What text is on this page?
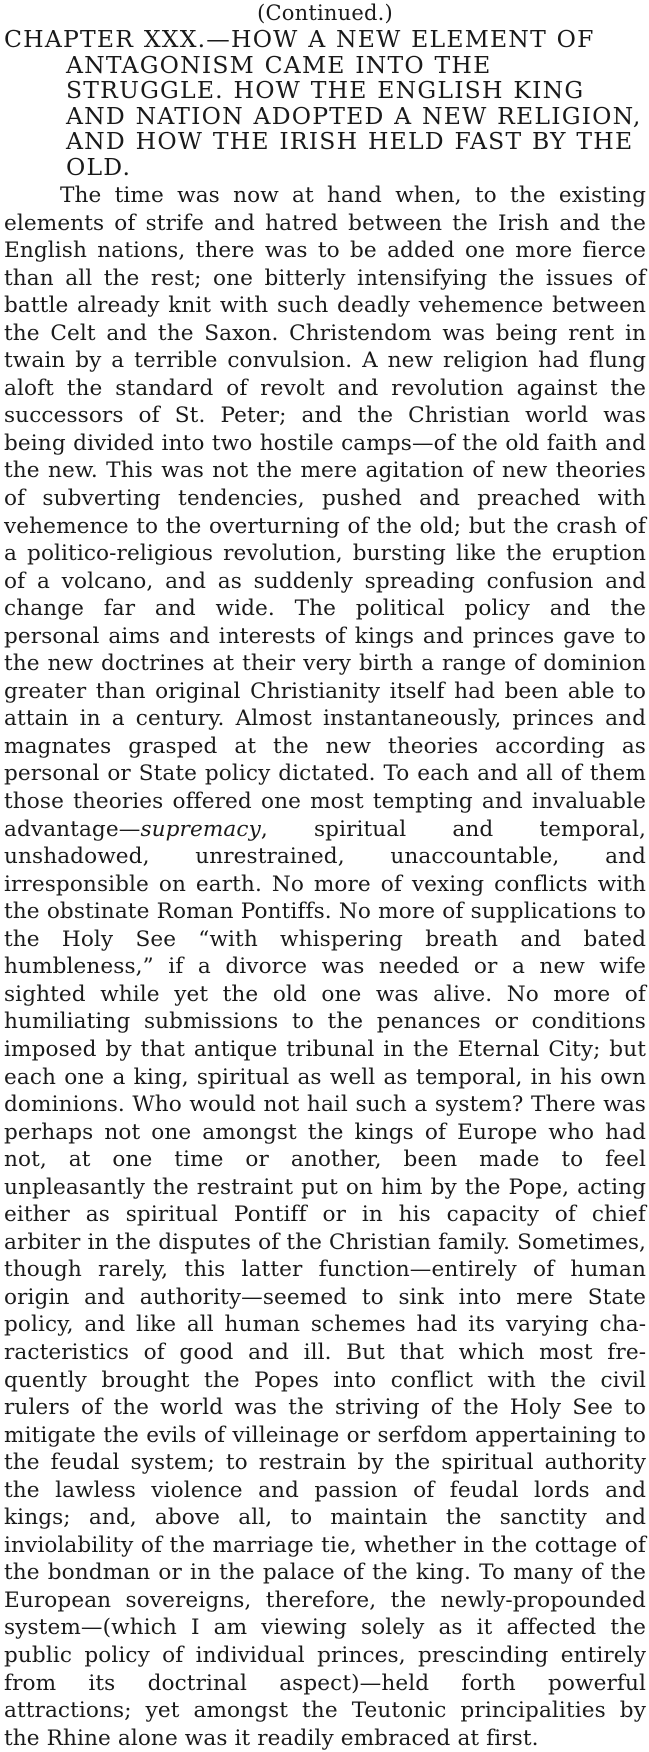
(Continued.)

CHAPTER XXX.—HOW A NEW ELEMENT OF ANTAGONISM CAME INTO THE STRUGGLE. HOW THE ENGLISH KING AND NATION ADOPTED A NEW RELIGION, AND HOW THE IRISH HELD FAST BY THE OLD.

The time was now at hand when, to the existing elements of strife and hatred between the Irish and the English nations, there was to be added one more fierce than all the rest; one bitterly intensifying the issues of battle already knit with such deadly vehemence between the Celt and the Saxon. Christendom was being rent in twain by a terrible convulsion. A new religion had flung aloft the standard of revolt and revolution against the successors of St. Peter; and the Christian world was being divided into two hostile camps—of the old faith and the new. This was not the mere agitation of new theories of subverting tendencies, pushed and preached with vehemence to the overturning of the old; but the crash of a politico-religious revolution, bursting like the eruption of a volcano, and as suddenly spreading confusion and change far and wide. The political policy and the personal aims and interests of kings and princes gave to the new doctrines at their very birth a range of dominion greater than original Christianity itself had been able to attain in a century. Almost instantaneously, princes and magnates grasped at the new theories according as personal or State policy dictated. To each and all of them those theories offered one most tempting and invaluable advantage—supremacy, spiritual and temporal, unshadowed, unrestrained, unaccountable, and irresponsible on earth. No more of vexing conflicts with the obstinate Roman Pontiffs. No more of supplications to the Holy See “with whispering breath and bated humbleness,” if a divorce was needed or a new wife sighted while yet the old one was alive. No more of humiliating submissions to the penances or conditions imposed by that antique tribunal in the Eternal City; but each one a king, spiritual as well as temporal, in his own dominions. Who would not hail such a system? There was perhaps not one amongst the kings of Europe who had not, at one time or another, been made to feel unpleasantly the restraint put on him by the Pope, acting either as spiritual Pontiff or in his capacity of chief arbiter in the disputes of the Christian family. Sometimes, though rarely, this latter function—entirely of human origin and authority—seemed to sink into mere State policy, and like all human schemes had its varying characteristics of good and ill. But that which most frequently brought the Popes into conflict with the civil rulers of the world was the striving of the Holy See to mitigate the evils of villeinage or serfdom appertaining to the feudal system; to restrain by the spiritual authority the lawless violence and passion of feudal lords and kings; and, above all, to maintain the sanctity and inviolability of the marriage tie, whether in the cottage of the bondman or in the palace of the king. To many of the European sovereigns, therefore, the newly-propounded system—(which I am viewing solely as it affected the public policy of individual princes, prescinding entirely from its doctrinal aspect)—held forth powerful attractions; yet amongst the Teutonic principalities by the Rhine alone was it readily embraced at first.
